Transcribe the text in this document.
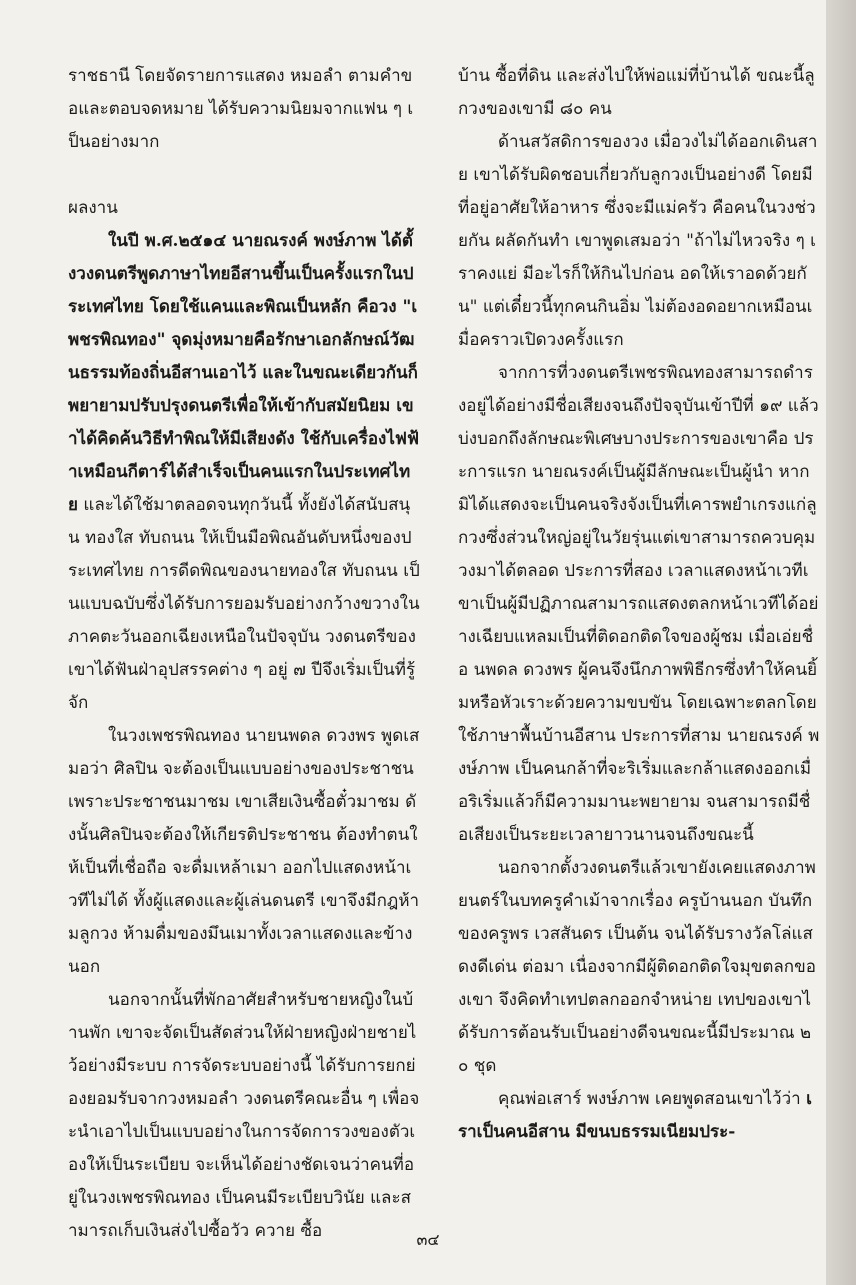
ราชธานี โดยจัดรายการแสดง หมอลำ ตามคำขอและตอบจดหมาย ได้รับความนิยมจากแฟน ๆ เป็นอย่างมาก

ผลงาน

ในปี พ.ศ.๒๕๑๔ นายณรงค์ พงษ์ภาพ ได้ตั้งวงดนตรีพูดภาษาไทยอีสานขึ้นเป็นครั้งแรกในประเทศไทย โดยใช้แคนและพิณเป็นหลัก คือวง "เพชรพิณทอง" จุดมุ่งหมายคือรักษาเอกลักษณ์วัฒนธรรมท้องถิ่นอีสานเอาไว้ และในขณะเดียวกันก็พยายามปรับปรุงดนตรีเพื่อให้เข้ากับสมัยนิยม เขาได้คิดค้นวิธีทำพิณให้มีเสียงดัง ใช้กับเครื่องไฟฟ้าเหมือนกีตาร์ได้สำเร็จเป็นคนแรกในประเทศไทย และได้ใช้มาตลอดจนทุกวันนี้ ทั้งยังได้สนับสนุน ทองใส ทับถนน ให้เป็นมือพิณอันดับหนึ่งของประเทศไทย การดีดพิณของนายทองใส ทับถนน เป็นแบบฉบับซึ่งได้รับการยอมรับอย่างกว้างขวางในภาคตะวันออกเฉียงเหนือในปัจจุบัน วงดนตรีของเขาได้ฟันฝ่าอุปสรรคต่าง ๆ อยู่ ๗ ปีจึงเริ่มเป็นที่รู้จัก

ในวงเพชรพิณทอง นายนพดล ดวงพร พูดเสมอว่า ศิลปิน จะต้องเป็นแบบอย่างของประชาชน เพราะประชาชนมาชม เขาเสียเงินซื้อตั๋วมาชม ดังนั้นศิลปินจะต้องให้เกียรติประชาชน ต้องทำตนให้เป็นที่เชื่อถือ จะดื่มเหล้าเมา ออกไปแสดงหน้าเวทีไม่ได้ ทั้งผู้แสดงและผู้เล่นดนตรี เขาจึงมีกฎห้ามลูกวง ห้ามดื่มของมึนเมาทั้งเวลาแสดงและข้างนอก

นอกจากนั้นที่พักอาศัยสำหรับชายหญิงในบ้านพัก เขาจะจัดเป็นสัดส่วนให้ฝ่ายหญิงฝ่ายชายไว้อย่างมีระบบ การจัดระบบอย่างนี้ ได้รับการยกย่องยอมรับจากวงหมอลำ วงดนตรีคณะอื่น ๆ เพื่อจะนำเอาไปเป็นแบบอย่างในการจัดการวงของตัวเองให้เป็นระเบียบ จะเห็นได้อย่างชัดเจนว่าคนที่อยู่ในวงเพชรพิณทอง เป็นคนมีระเบียบวินัย และสามารถเก็บเงินส่งไปซื้อวัว ควาย ซื้อ

บ้าน ซื้อที่ดิน และส่งไปให้พ่อแม่ที่บ้านได้ ขณะนี้ลูกวงของเขามี ๘๐ คน

ด้านสวัสดิการของวง เมื่อวงไม่ได้ออกเดินสาย เขาได้รับผิดชอบเกี่ยวกับลูกวงเป็นอย่างดี โดยมีที่อยู่อาศัยให้อาหาร ซึ่งจะมีแม่ครัว คือคนในวงช่วยกัน ผลัดกันทำ เขาพูดเสมอว่า "ถ้าไม่ไหวจริง ๆ เราคงแย่ มีอะไรก็ให้กินไปก่อน อดให้เราอดด้วยกัน" แต่เดี๋ยวนี้ทุกคนกินอิ่ม ไม่ต้องอดอยากเหมือนเมื่อคราวเปิดวงครั้งแรก

จากการที่วงดนตรีเพชรพิณทองสามารถดำรงอยู่ได้อย่างมีชื่อเสียงจนถึงปัจจุบันเข้าปีที่ ๑๙ แล้ว บ่งบอกถึงลักษณะพิเศษบางประการของเขาคือ ประการแรก นายณรงค์เป็นผู้มีลักษณะเป็นผู้นำ หากมิได้แสดงจะเป็นคนจริงจังเป็นที่เคารพยำเกรงแก่ลูกวงซึ่งส่วนใหญ่อยู่ในวัยรุ่นแต่เขาสามารถควบคุมวงมาได้ตลอด ประการที่สอง เวลาแสดงหน้าเวทีเขาเป็นผู้มีปฏิภาณสามารถแสดงตลกหน้าเวทีได้อย่างเฉียบแหลมเป็นที่ติดอกติดใจของผู้ชม เมื่อเอ่ยชื่อ นพดล ดวงพร ผู้คนจึงนึกภาพพิธีกรซึ่งทำให้คนยิ้มหรือหัวเราะด้วยความขบขัน โดยเฉพาะตลกโดยใช้ภาษาพื้นบ้านอีสาน ประการที่สาม นายณรงค์ พงษ์ภาพ เป็นคนกล้าที่จะริเริ่มและกล้าแสดงออกเมื่อริเริ่มแล้วก็มีความมานะพยายาม จนสามารถมีชื่อเสียงเป็นระยะเวลายาวนานจนถึงขณะนี้

นอกจากตั้งวงดนตรีแล้วเขายังเคยแสดงภาพยนตร์ในบทครูคำเม้าจากเรื่อง ครูบ้านนอก บันทึกของครูพร เวสสันดร เป็นต้น จนได้รับรางวัลโล่แสดงดีเด่น ต่อมา เนื่องจากมีผู้ติดอกติดใจมุขตลกของเขา จึงคิดทำเทปตลกออกจำหน่าย เทปของเขาได้รับการต้อนรับเป็นอย่างดีจนขณะนี้มีประมาณ ๒๐ ชุด

คุณพ่อเสาร์ พงษ์ภาพ เคยพูดสอนเขาไว้ว่า เราเป็นคนอีสาน มีขนบธรรมเนียมประ-

๓๔
